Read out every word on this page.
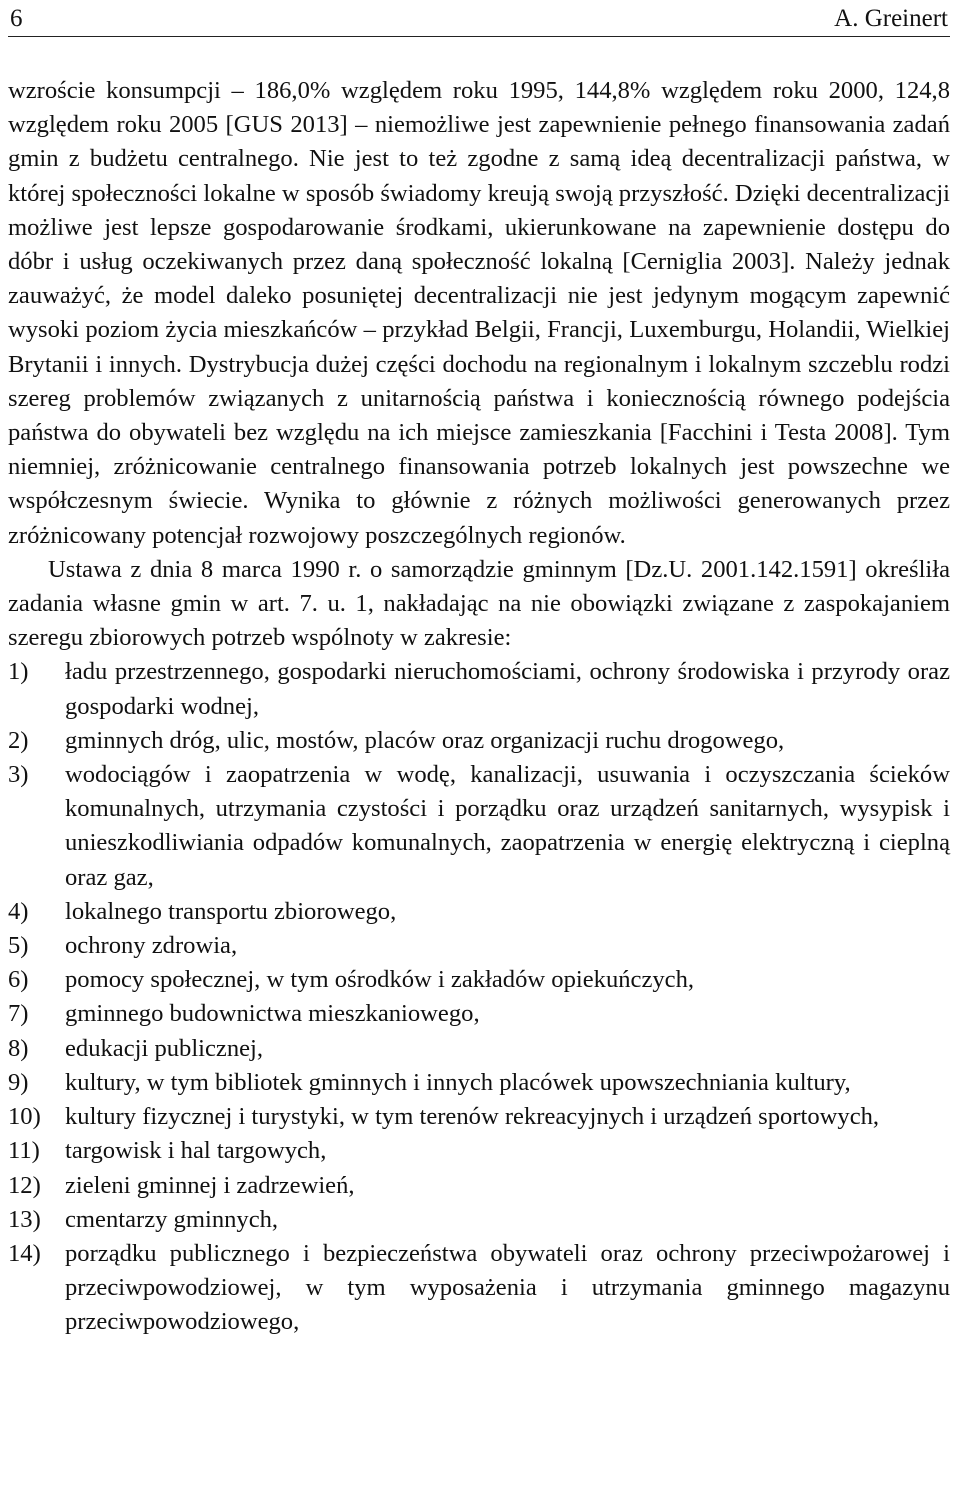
6	A. Greinert

wzroście konsumpcji – 186,0% względem roku 1995, 144,8% względem roku 2000, 124,8 względem roku 2005 [GUS 2013] – niemożliwe jest zapewnienie pełnego finansowania zadań gmin z budżetu centralnego. Nie jest to też zgodne z samą ideą decentralizacji państwa, w której społeczności lokalne w sposób świadomy kreują swoją przyszłość. Dzięki decentralizacji możliwe jest lepsze gospodarowanie środkami, ukierunkowane na zapewnienie dostępu do dóbr i usług oczekiwanych przez daną społeczność lokalną [Cerniglia 2003]. Należy jednak zauważyć, że model daleko posuniętej decentralizacji nie jest jedynym mogącym zapewnić wysoki poziom życia mieszkańców – przykład Belgii, Francji, Luxemburgu, Holandii, Wielkiej Brytanii i innych. Dystrybucja dużej części dochodu na regionalnym i lokalnym szczeblu rodzi szereg problemów związanych z unitarnością państwa i koniecznością równego podejścia państwa do obywateli bez względu na ich miejsce zamieszkania [Facchini i Testa 2008]. Tym niemniej, zróżnicowanie centralnego finansowania potrzeb lokalnych jest powszechne we współczesnym świecie. Wynika to głównie z różnych możliwości generowanych przez zróżnicowany potencjał rozwojowy poszczególnych regionów.

Ustawa z dnia 8 marca 1990 r. o samorządzie gminnym [Dz.U. 2001.142.1591] określiła zadania własne gmin w art. 7. u. 1, nakładając na nie obowiązki związane z zaspokajaniem szeregu zbiorowych potrzeb wspólnoty w zakresie:

1)	ładu przestrzennego, gospodarki nieruchomościami, ochrony środowiska i przyrody oraz gospodarki wodnej,
2)	gminnych dróg, ulic, mostów, placów oraz organizacji ruchu drogowego,
3)	wodociągów i zaopatrzenia w wodę, kanalizacji, usuwania i oczyszczania ścieków komunalnych, utrzymania czystości i porządku oraz urządzeń sanitarnych, wysypisk i unieszkodliwiania odpadów komunalnych, zaopatrzenia w energię elektryczną i cieplną oraz gaz,
4)	lokalnego transportu zbiorowego,
5)	ochrony zdrowia,
6)	pomocy społecznej, w tym ośrodków i zakładów opiekuńczych,
7)	gminnego budownictwa mieszkaniowego,
8)	edukacji publicznej,
9)	kultury, w tym bibliotek gminnych i innych placówek upowszechniania kultury,
10) kultury fizycznej i turystyki, w tym terenów rekreacyjnych i urządzeń sportowych,
11)	targowisk i hal targowych,
12) zieleni gminnej i zadrzewień,
13) cmentarzy gminnych,
14) porządku publicznego i bezpieczeństwa obywateli oraz ochrony przeciwpożarowej i przeciwpowodziowej, w tym wyposażenia i utrzymania gminnego magazynu przeciwpowodziowego,
